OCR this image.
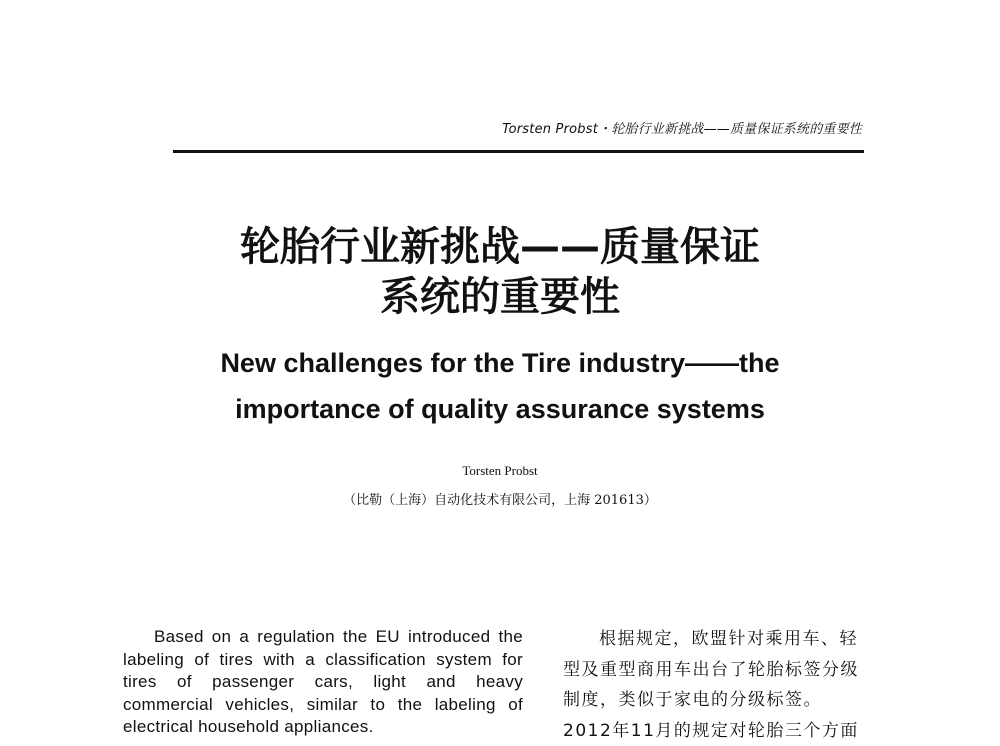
Torsten Probst・轮胎行业新挑战——质量保证系统的重要性
轮胎行业新挑战——质量保证
系统的重要性
New challenges for the Tire industry——the
importance of quality assurance systems
Torsten Probst
（比勒（上海）自动化技术有限公司，上海 201613）

Based on a regulation the EU introduced the labeling of tires with a classification system for tires of passenger cars, light and heavy commercial vehicles, similar to the labeling of electrical household appliances.

根据规定，欧盟针对乘用车、轻型及重型商用车出台了轮胎标签分级制度，类似于家电的分级标签。2012年11月的规定对轮胎三个方面
